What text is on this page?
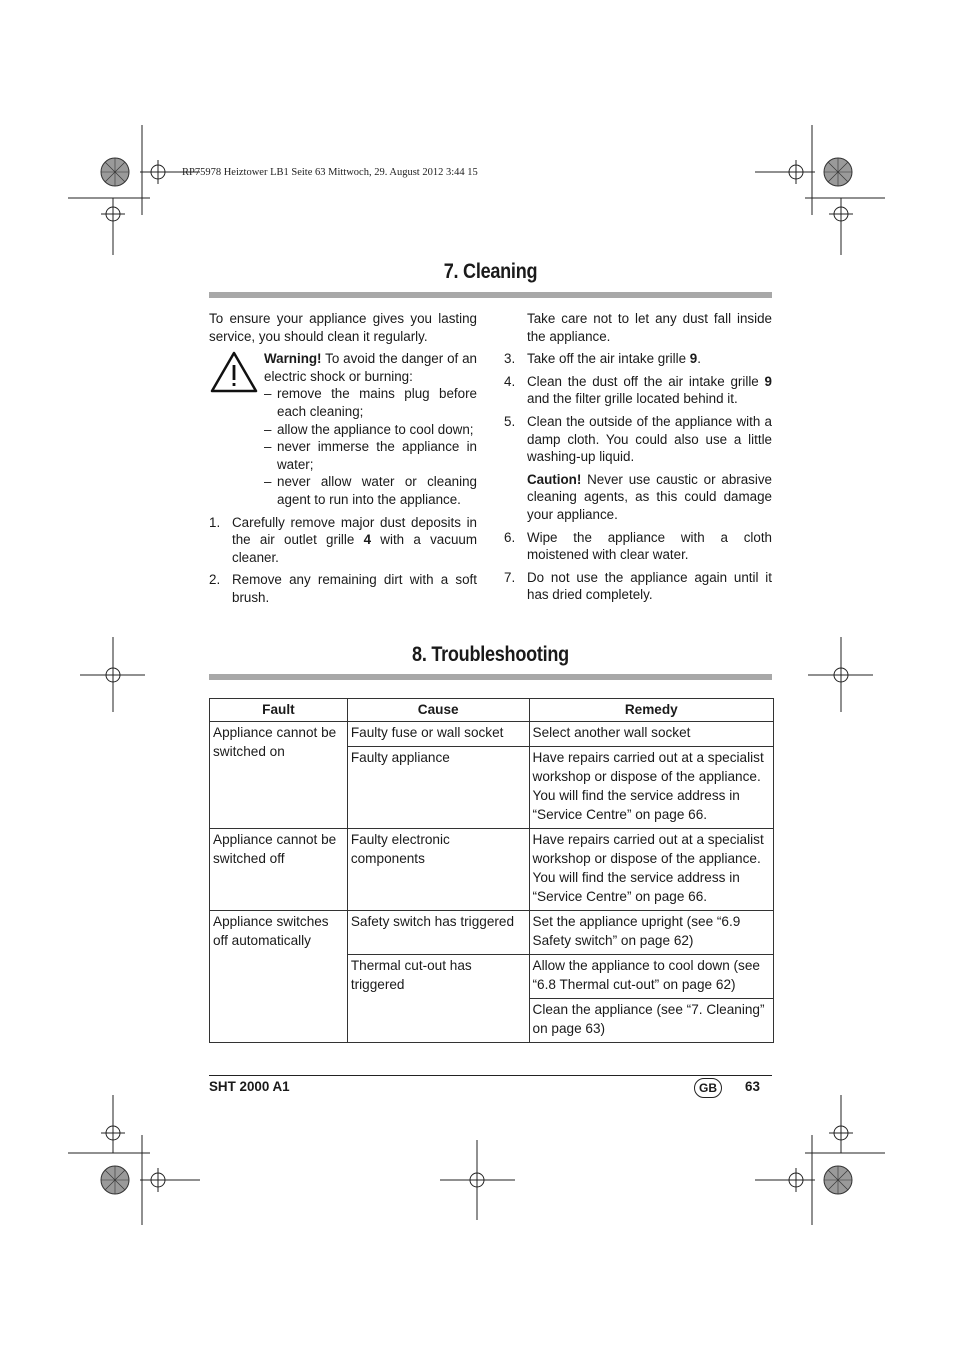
RP75978 Heiztower LB1 Seite 63 Mittwoch, 29. August 2012 3:44 15
7. Cleaning

To ensure your appliance gives you lasting service, you should clean it regularly.

Warning! To avoid the danger of an electric shock or burning:
– remove the mains plug before each cleaning;
– allow the appliance to cool down;
– never immerse the appliance in water;
– never allow water or cleaning agent to run into the appliance.
1. Carefully remove major dust deposits in the air outlet grille 4 with a vacuum cleaner.
2. Remove any remaining dirt with a soft brush.

Take care not to let any dust fall inside the appliance.

3. Take off the air intake grille 9.
4. Clean the dust off the air intake grille 9 and the filter grille located behind it.
5. Clean the outside of the appliance with a damp cloth. You could also use a little washing-up liquid.

Caution! Never use caustic or abrasive cleaning agents, as this could damage your appliance.

6. Wipe the appliance with a cloth moistened with clear water.
7. Do not use the appliance again until it has dried completely.
8. Troubleshooting
Fault	Cause	Remedy
Appliance cannot be switched on	Faulty fuse or wall socket	Select another wall socket
	Faulty appliance	Have repairs carried out at a specialist workshop or dispose of the appliance. You will find the service address in “Service Centre” on page 66.
Appliance cannot be switched off	Faulty electronic components	Have repairs carried out at a specialist workshop or dispose of the appliance. You will find the service address in “Service Centre” on page 66.
Appliance switches off automatically	Safety switch has triggered	Set the appliance upright (see “6.9 Safety switch” on page 62)
	Thermal cut-out has triggered	Allow the appliance to cool down (see “6.8 Thermal cut-out” on page 62)
		Clean the appliance (see “7. Cleaning” on page 63)
SHT 2000 A1	GB	63
